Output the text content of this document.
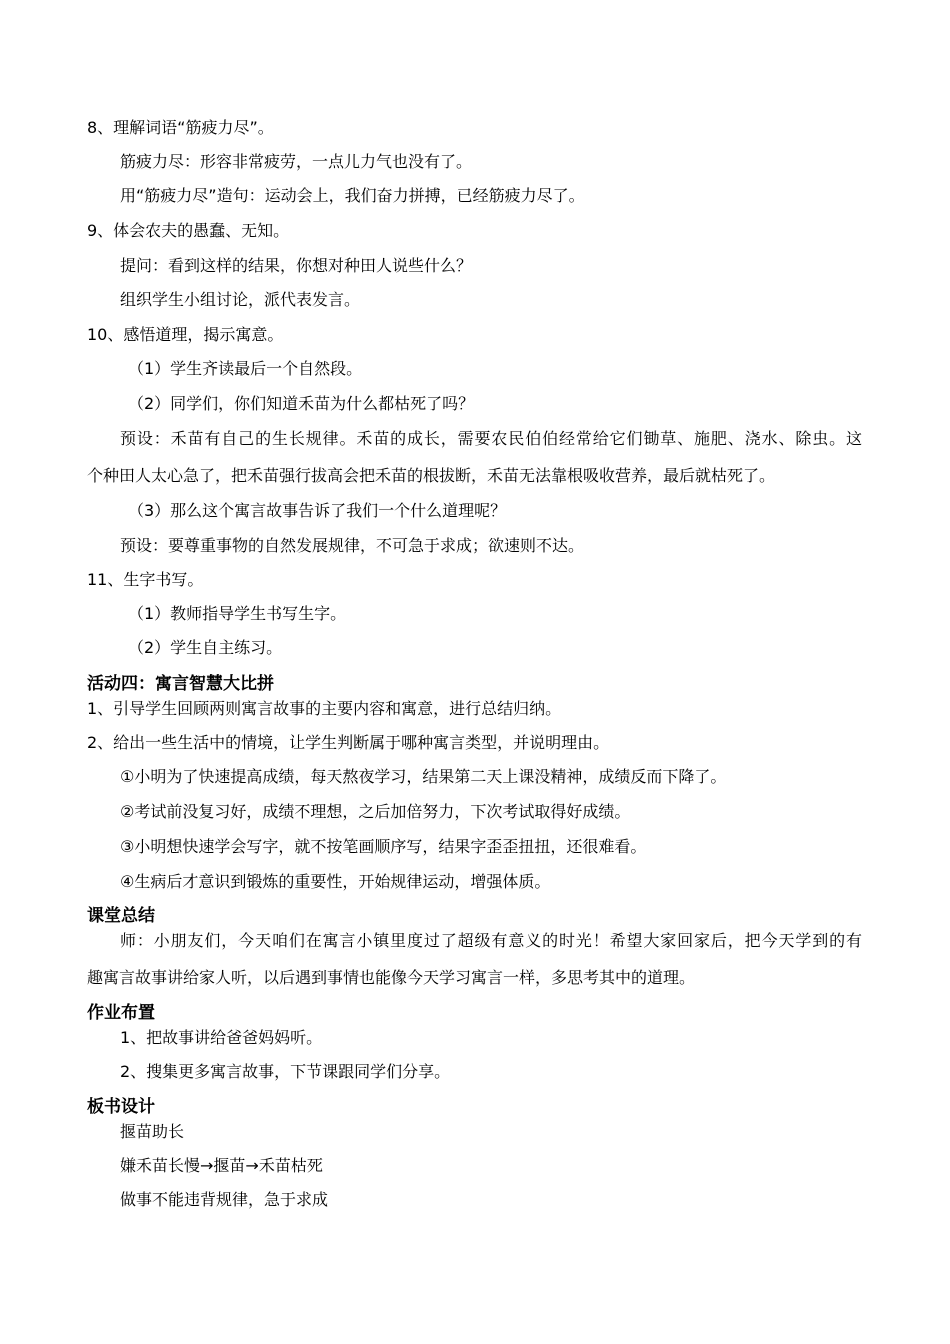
8、理解词语“筋疲力尽”。
筋疲力尽：形容非常疲劳，一点儿力气也没有了。
用“筋疲力尽”造句：运动会上，我们奋力拼搏，已经筋疲力尽了。
9、体会农夫的愚蠢、无知。
提问：看到这样的结果，你想对种田人说些什么？
组织学生小组讨论，派代表发言。
10、感悟道理，揭示寓意。
（1）学生齐读最后一个自然段。
（2）同学们，你们知道禾苗为什么都枯死了吗？
预设：禾苗有自己的生长规律。禾苗的成长，需要农民伯伯经常给它们锄草、施肥、浇水、除虫。这
个种田人太心急了，把禾苗强行拔高会把禾苗的根拔断，禾苗无法靠根吸收营养，最后就枯死了。
（3）那么这个寓言故事告诉了我们一个什么道理呢？
预设：要尊重事物的自然发展规律，不可急于求成；欲速则不达。
11、生字书写。
（1）教师指导学生书写生字。
（2）学生自主练习。
活动四：寓言智慧大比拼
1、引导学生回顾两则寓言故事的主要内容和寓意，进行总结归纳。
2、给出一些生活中的情境，让学生判断属于哪种寓言类型，并说明理由。
①小明为了快速提高成绩，每天熬夜学习，结果第二天上课没精神，成绩反而下降了。
②考试前没复习好，成绩不理想，之后加倍努力，下次考试取得好成绩。
③小明想快速学会写字，就不按笔画顺序写，结果字歪歪扭扭，还很难看。
④生病后才意识到锻炼的重要性，开始规律运动，增强体质。
课堂总结
师：小朋友们，今天咱们在寓言小镇里度过了超级有意义的时光！希望大家回家后，把今天学到的有
趣寓言故事讲给家人听，以后遇到事情也能像今天学习寓言一样，多思考其中的道理。
作业布置
1、把故事讲给爸爸妈妈听。
2、搜集更多寓言故事，下节课跟同学们分享。
板书设计
揠苗助长
嫌禾苗长慢→揠苗→禾苗枯死
做事不能违背规律，急于求成
